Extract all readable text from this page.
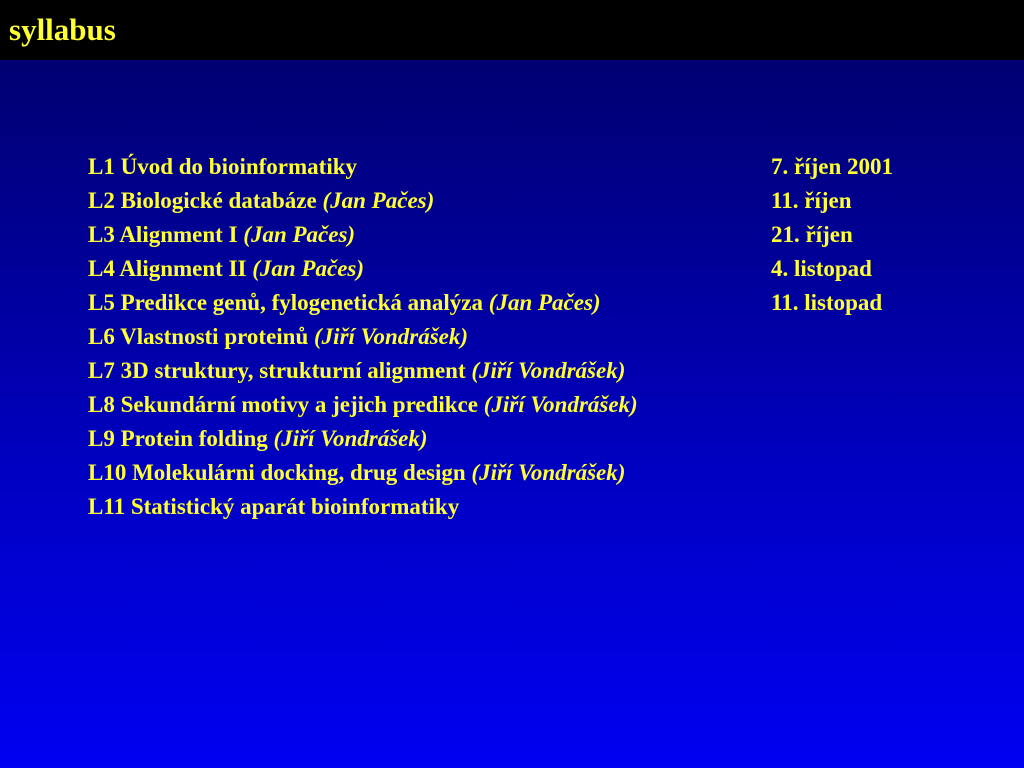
syllabus
L1 Úvod do bioinformatiky	7. říjen 2001
L2 Biologické databáze (Jan Pačes)	11. říjen
L3 Alignment I (Jan Pačes)	21. říjen
L4 Alignment II (Jan Pačes)	4. listopad
L5 Predikce genů, fylogenetická analýza (Jan Pačes)	11. listopad
L6 Vlastnosti proteinů (Jiří Vondrášek)
L7 3D struktury, strukturní alignment (Jiří Vondrášek)
L8 Sekundární motivy a jejich predikce (Jiří Vondrášek)
L9 Protein folding (Jiří Vondrášek)
L10 Molekulárni docking, drug design (Jiří Vondrášek)
L11 Statistický aparát bioinformatiky
